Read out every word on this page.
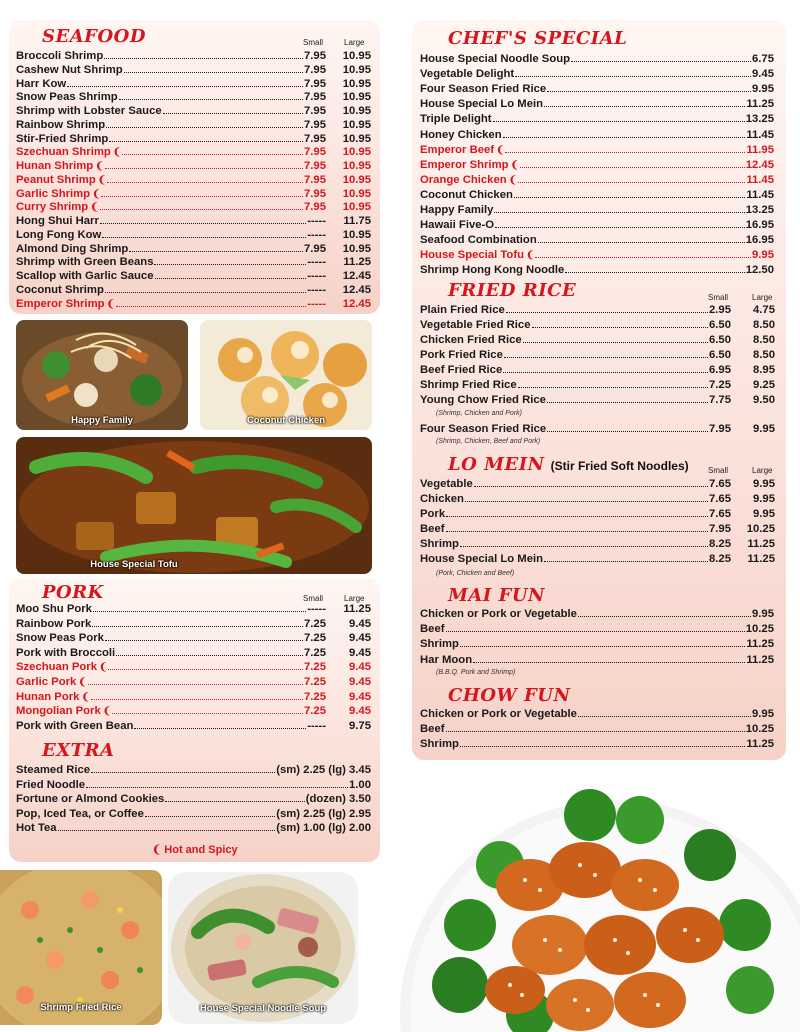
SEAFOOD	Small	Large
Broccoli Shrimp	7.95	10.95
Cashew Nut Shrimp	7.95	10.95
Harr Kow	7.95	10.95
Snow Peas Shrimp	7.95	10.95
Shrimp with Lobster Sauce	7.95	10.95
Rainbow Shrimp	7.95	10.95
Stir-Fried Shrimp	7.95	10.95
Szechuan Shrimp ❨	7.95	10.95
Hunan Shrimp ❨	7.95	10.95
Peanut Shrimp ❨	7.95	10.95
Garlic Shrimp ❨	7.95	10.95
Curry Shrimp ❨	7.95	10.95
Hong Shui Harr	-----	11.75
Long Fong Kow	-----	10.95
Almond Ding Shrimp	7.95	10.95
Shrimp with Green Beans	-----	11.25
Scallop with Garlic Sauce	-----	12.45
Coconut Shrimp	-----	12.45
Emperor Shrimp ❨	-----	12.45
Happy Family	Coconut Chicken
House Special Tofu
PORK	Small	Large
Moo Shu Pork	-----	11.25
Rainbow Pork	7.25	9.45
Snow Peas Pork	7.25	9.45
Pork with Broccoli	7.25	9.45
Szechuan Pork ❨	7.25	9.45
Garlic Pork ❨	7.25	9.45
Hunan Pork ❨	7.25	9.45
Mongolian Pork ❨	7.25	9.45
Pork with Green Bean	-----	9.75
EXTRA
Steamed Rice	(sm) 2.25 (lg) 3.45
Fried Noodle	1.00
Fortune or Almond Cookies	(dozen) 3.50
Pop, Iced Tea, or Coffee	(sm) 2.25 (lg) 2.95
Hot Tea	(sm) 1.00 (lg) 2.00
❨ Hot and Spicy
Shrimp Fried Rice	House Special Noodle Soup
CHEF'S SPECIAL
House Special Noodle Soup	6.75
Vegetable Delight	9.45
Four Season Fried Rice	9.95
House Special Lo Mein	11.25
Triple Delight	13.25
Honey Chicken	11.45
Emperor Beef ❨	11.95
Emperor Shrimp ❨	12.45
Orange Chicken ❨	11.45
Coconut Chicken	11.45
Happy Family	13.25
Hawaii Five-O	16.95
Seafood Combination	16.95
House Special Tofu ❨	9.95
Shrimp Hong Kong Noodle	12.50
FRIED RICE	Small	Large
Plain Fried Rice	2.95	4.75
Vegetable Fried Rice	6.50	8.50
Chicken Fried Rice	6.50	8.50
Pork Fried Rice	6.50	8.50
Beef Fried Rice	6.95	8.95
Shrimp Fried Rice	7.25	9.25
Young Chow Fried Rice	7.75	9.50
Four Season Fried Rice	7.95	9.95
(Shrimp, Chicken and Pork)
(Shrimp, Chicken, Beef and Pork)
LO MEIN (Stir Fried Soft Noodles) Small	Large
Vegetable	7.65	9.95
Chicken	7.65	9.95
Pork	7.65	9.95
Beef	7.95	10.25
Shrimp	8.25	11.25
House Special Lo Mein	8.25	11.25
(Pork, Chicken and Beef)
MAI FUN
Chicken or Pork or Vegetable	9.95
Beef	10.25
Shrimp	11.25
Har Moon	11.25
(B.B.Q. Pork and Shrimp)
CHOW FUN
Chicken or Pork or Vegetable	9.95
Beef	10.25
Shrimp	11.25
